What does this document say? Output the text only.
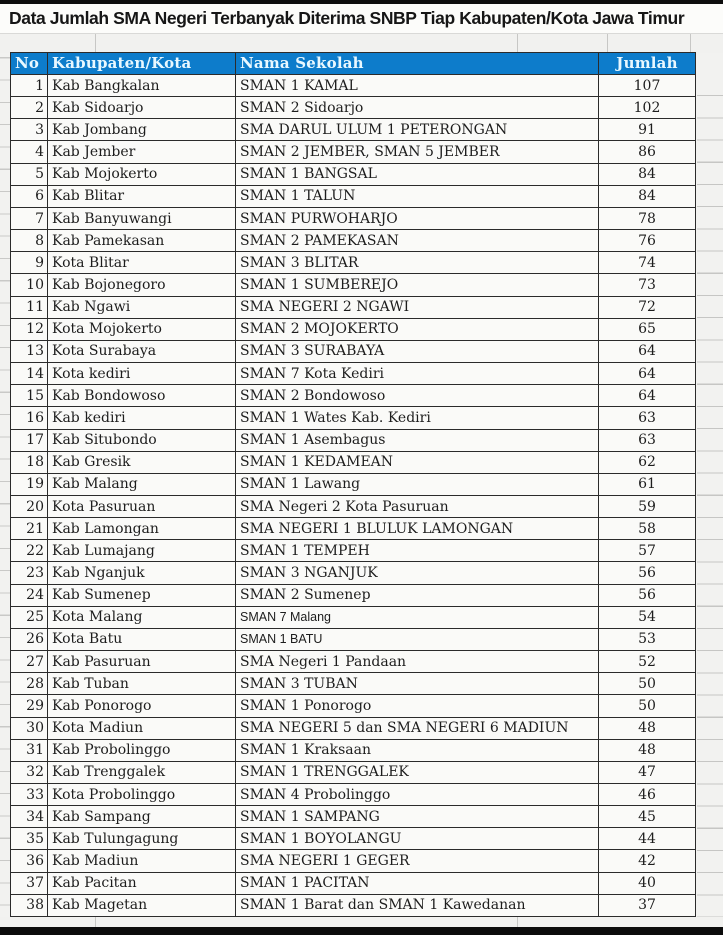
Data Jumlah SMA Negeri Terbanyak Diterima SNBP Tiap Kabupaten/Kota Jawa Timur
No	Kabupaten/Kota	Nama Sekolah	Jumlah
1	Kab Bangkalan	SMAN 1 KAMAL	107
2	Kab Sidoarjo	SMAN 2 Sidoarjo	102
3	Kab Jombang	SMA DARUL ULUM 1 PETERONGAN	91
4	Kab Jember	SMAN 2 JEMBER, SMAN 5 JEMBER	86
5	Kab Mojokerto	SMAN 1 BANGSAL	84
6	Kab Blitar	SMAN 1 TALUN	84
7	Kab Banyuwangi	SMAN PURWOHARJO	78
8	Kab Pamekasan	SMAN 2 PAMEKASAN	76
9	Kota Blitar	SMAN 3 BLITAR	74
10	Kab Bojonegoro	SMAN 1 SUMBEREJO	73
11	Kab Ngawi	SMA NEGERI 2 NGAWI	72
12	Kota Mojokerto	SMAN 2 MOJOKERTO	65
13	Kota Surabaya	SMAN 3 SURABAYA	64
14	Kota kediri	SMAN 7 Kota Kediri	64
15	Kab Bondowoso	SMAN 2 Bondowoso	64
16	Kab kediri	SMAN 1 Wates Kab. Kediri	63
17	Kab Situbondo	SMAN 1 Asembagus	63
18	Kab Gresik	SMAN 1 KEDAMEAN	62
19	Kab Malang	SMAN 1 Lawang	61
20	Kota Pasuruan	SMA Negeri 2 Kota Pasuruan	59
21	Kab Lamongan	SMA NEGERI 1 BLULUK LAMONGAN	58
22	Kab Lumajang	SMAN 1 TEMPEH	57
23	Kab Nganjuk	SMAN 3 NGANJUK	56
24	Kab Sumenep	SMAN 2 Sumenep	56
25	Kota Malang	SMAN 7 Malang	54
26	Kota Batu	SMAN 1 BATU	53
27	Kab Pasuruan	SMA Negeri 1 Pandaan	52
28	Kab Tuban	SMAN 3 TUBAN	50
29	Kab Ponorogo	SMAN 1 Ponorogo	50
30	Kota Madiun	SMA NEGERI 5 dan SMA NEGERI 6 MADIUN	48
31	Kab Probolinggo	SMAN 1 Kraksaan	48
32	Kab Trenggalek	SMAN 1 TRENGGALEK	47
33	Kota Probolinggo	SMAN 4 Probolinggo	46
34	Kab Sampang	SMAN 1 SAMPANG	45
35	Kab Tulungagung	SMAN 1 BOYOLANGU	44
36	Kab Madiun	SMA NEGERI 1 GEGER	42
37	Kab Pacitan	SMAN 1 PACITAN	40
38	Kab Magetan	SMAN 1 Barat dan SMAN 1 Kawedanan	37
